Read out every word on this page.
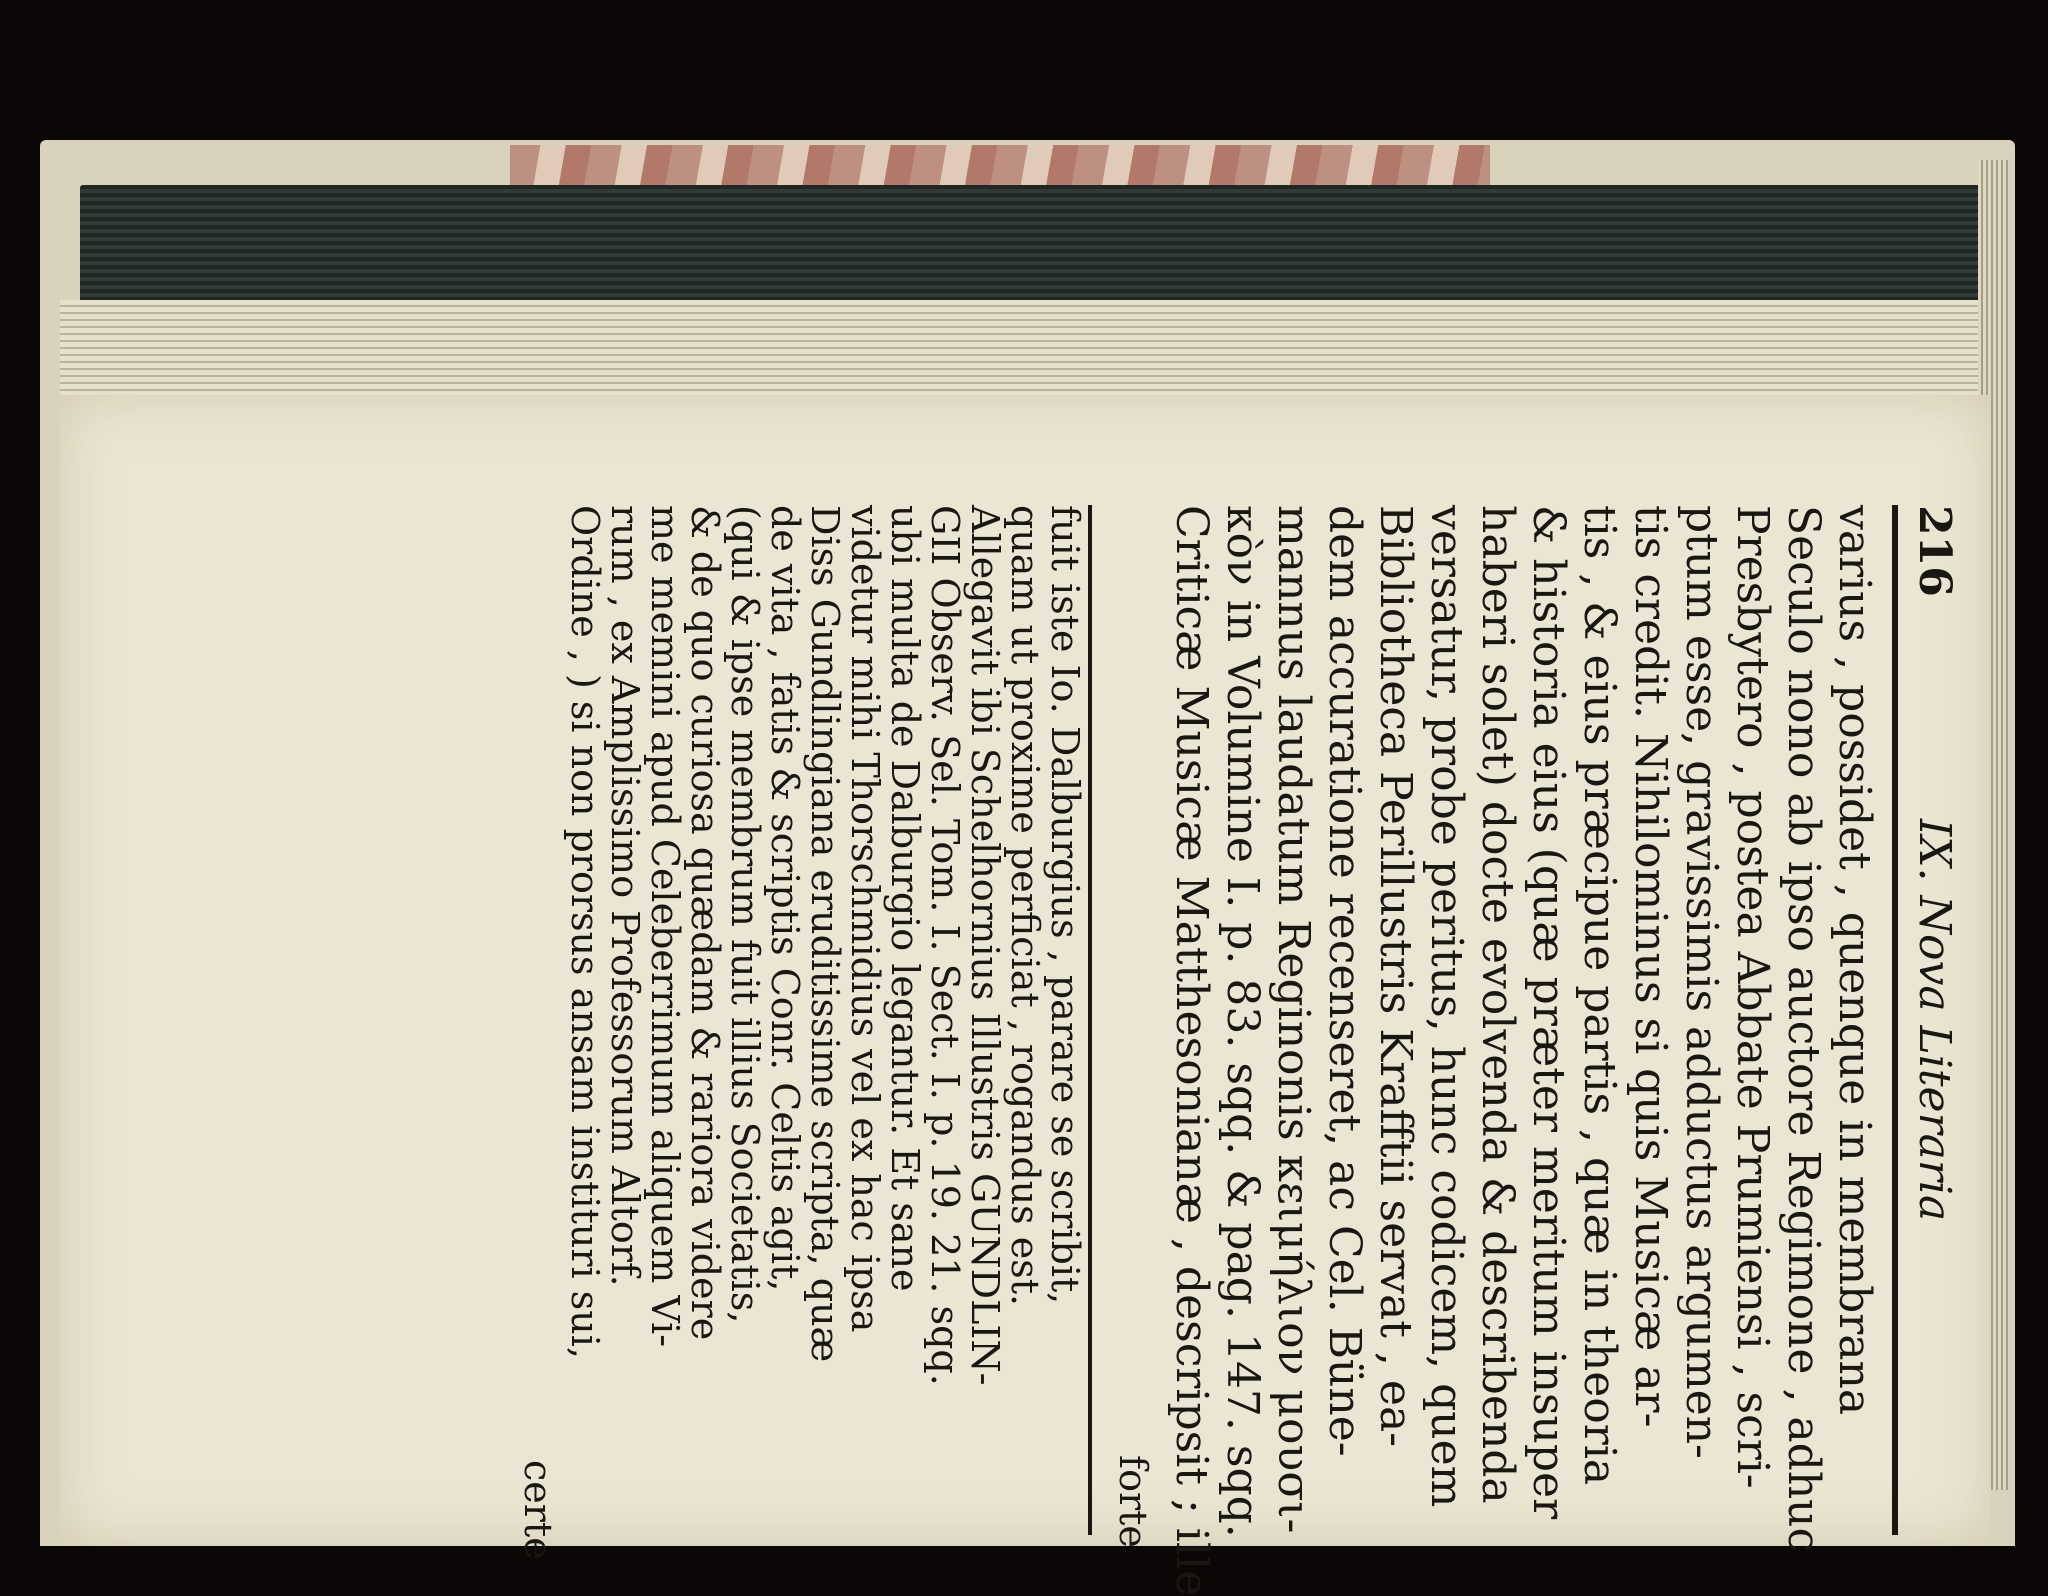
216
IX. Nova Literaria
varius , possidet , quenque in membrana
Seculo nono ab ipso auctore Regimone , adhuc
Presbytero , postea Abbate Prumiensi , scri-
ptum esse, gravissimis adductus argumen-
tis credit. Nihilominus si quis Musicæ ar-
tis , & eius præcipue partis , quæ in theoria
& historia eius (quæ præter meritum insuper
haberi solet) docte evolvenda & describenda
versatur, probe peritus, hunc codicem, quem
Bibliotheca Perillustris Krafftii servat , ea-
dem accuratione recenseret, ac Cel. Büne-
mannus laudatum Reginonis κειμήλιον μουσι-
κὸν in Volumine I. p. 83. sqq. & pag. 147. sqq.
Criticæ Musicæ Matthesonianæ , descripsit ; ille
forte
fuit iste Io. Dalburgius , parare se scribit,
quam ut proxime perficiat , rogandus est.
Allegavit ibi Schelhornius Illustris GUNDLIN-
GII Observ. Sel. Tom. I. Sect. I. p. 19. 21. sqq.
ubi multa de Dalburgio legantur. Et sane
videtur mihi Thorschmidius vel ex hac ipsa
Diss Gundlingiana eruditissime scripta, quæ
de vita , fatis & scriptis Conr. Celtis agit,
(qui & ipse membrum fuit illius Societatis,
& de quo curiosa quædam & rariora videre
me memini apud Celeberrimum aliquem Vi-
rum , ex Amplissimo Professorum Altorf.
Ordine , ) si non prorsus ansam instituri sui,
certe
